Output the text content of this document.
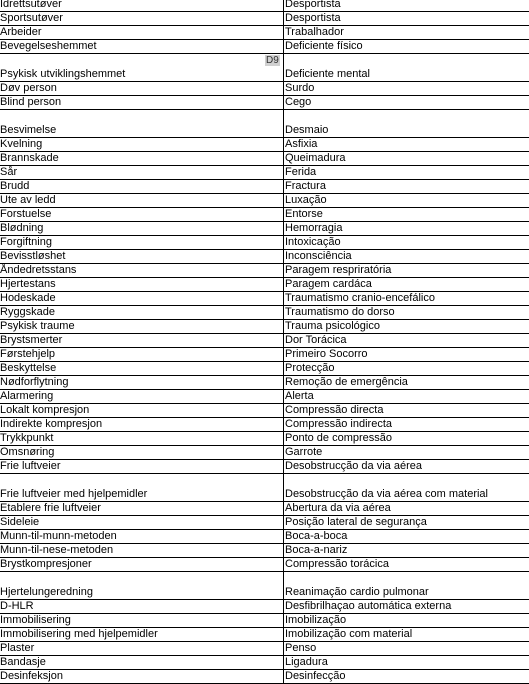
Idrettsutøver	Desportista
Sportsutøver	Desportista
Arbeider	Trabalhador
Bevegelseshemmet	Deficiente físico
Psykisk utviklingshemmet	Deficiente mental
D9
Døv person	Surdo
Blind person	Cego
Besvimelse	Desmaio
Kvelning	Asfixia
Brannskade	Queimadura
Sår	Ferida
Brudd	Fractura
Ute av ledd	Luxação
Forstuelse	Entorse
Blødning	Hemorragia
Forgiftning	Intoxicação
Bevisstløshet	Inconsciência
Åndedretsstans	Paragem respriratória
Hjertestans	Paragem cardáca
Hodeskade	Traumatismo cranio-encefálico
Ryggskade	Traumatismo do dorso
Psykisk traume	Trauma psicológico
Brystsmerter	Dor Torácica
Førstehjelp	Primeiro Socorro
Beskyttelse	Protecção
Nødforflytning	Remoção de emergência
Alarmering	Alerta
Lokalt kompresjon	Compressão directa
Indirekte kompresjon	Compressão indirecta
Trykkpunkt	Ponto de compressão
Omsnøring	Garrote
Frie luftveier	Desobstrucção da via aérea
Frie luftveier med hjelpemidler	Desobstrucção da via aérea com material
Etablere frie luftveier	Abertura da via aérea
Sideleie	Posição lateral de segurança
Munn-til-munn-metoden	Boca-a-boca
Munn-til-nese-metoden	Boca-a-nariz
Brystkompresjoner	Compressão torácica
Hjertelungeredning	Reanimação cardio pulmonar
D-HLR	Desfibrilhaçao automática externa
Immobilisering	Imobilização
Immobilisering med hjelpemidler	Imobilização com material
Plaster	Penso
Bandasje	Ligadura
Desinfeksjon	Desinfecção
